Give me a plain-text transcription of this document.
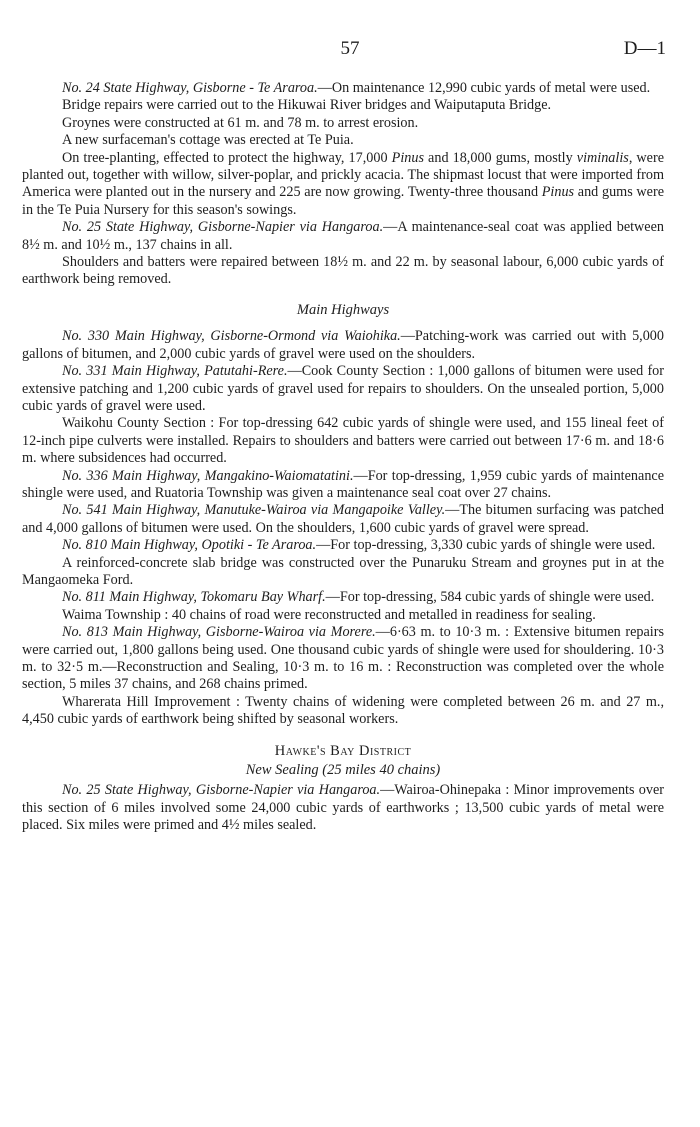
57	D—1

No. 24 State Highway, Gisborne - Te Araroa.—On maintenance 12,990 cubic yards of metal were used.

Bridge repairs were carried out to the Hikuwai River bridges and Waiputaputa Bridge.

Groynes were constructed at 61 m. and 78 m. to arrest erosion.

A new surfaceman's cottage was erected at Te Puia.

On tree-planting, effected to protect the highway, 17,000 Pinus and 18,000 gums, mostly viminalis, were planted out, together with willow, silver-poplar, and prickly acacia. The shipmast locust that were imported from America were planted out in the nursery and 225 are now growing. Twenty-three thousand Pinus and gums were in the Te Puia Nursery for this season's sowings.

No. 25 State Highway, Gisborne-Napier via Hangaroa.—A maintenance-seal coat was applied between 8½ m. and 10½ m., 137 chains in all.

Shoulders and batters were repaired between 18½ m. and 22 m. by seasonal labour, 6,000 cubic yards of earthwork being removed.

Main Highways

No. 330 Main Highway, Gisborne-Ormond via Waiohika.—Patching-work was carried out with 5,000 gallons of bitumen, and 2,000 cubic yards of gravel were used on the shoulders.

No. 331 Main Highway, Patutahi-Rere.—Cook County Section : 1,000 gallons of bitumen were used for extensive patching and 1,200 cubic yards of gravel used for repairs to shoulders. On the unsealed portion, 5,000 cubic yards of gravel were used.

Waikohu County Section : For top-dressing 642 cubic yards of shingle were used, and 155 lineal feet of 12-inch pipe culverts were installed. Repairs to shoulders and batters were carried out between 17·6 m. and 18·6 m. where subsidences had occurred.

No. 336 Main Highway, Mangakino-Waiomatatini.—For top-dressing, 1,959 cubic yards of maintenance shingle were used, and Ruatoria Township was given a maintenance seal coat over 27 chains.

No. 541 Main Highway, Manutuke-Wairoa via Mangapoike Valley.—The bitumen surfacing was patched and 4,000 gallons of bitumen were used. On the shoulders, 1,600 cubic yards of gravel were spread.

No. 810 Main Highway, Opotiki - Te Araroa.—For top-dressing, 3,330 cubic yards of shingle were used.

A reinforced-concrete slab bridge was constructed over the Punaruku Stream and groynes put in at the Mangaomeka Ford.

No. 811 Main Highway, Tokomaru Bay Wharf.—For top-dressing, 584 cubic yards of shingle were used.

Waima Township : 40 chains of road were reconstructed and metalled in readiness for sealing.

No. 813 Main Highway, Gisborne-Wairoa via Morere.—6·63 m. to 10·3 m. : Extensive bitumen repairs were carried out, 1,800 gallons being used. One thousand cubic yards of shingle were used for shouldering. 10·3 m. to 32·5 m.—Reconstruction and Sealing, 10·3 m. to 16 m. : Reconstruction was completed over the whole section, 5 miles 37 chains, and 268 chains primed.

Wharerata Hill Improvement : Twenty chains of widening were completed between 26 m. and 27 m., 4,450 cubic yards of earthwork being shifted by seasonal workers.

Hawke's Bay District
New Sealing (25 miles 40 chains)

No. 25 State Highway, Gisborne-Napier via Hangaroa.—Wairoa-Ohinepaka : Minor improvements over this section of 6 miles involved some 24,000 cubic yards of earthworks ; 13,500 cubic yards of metal were placed. Six miles were primed and 4½ miles sealed.
